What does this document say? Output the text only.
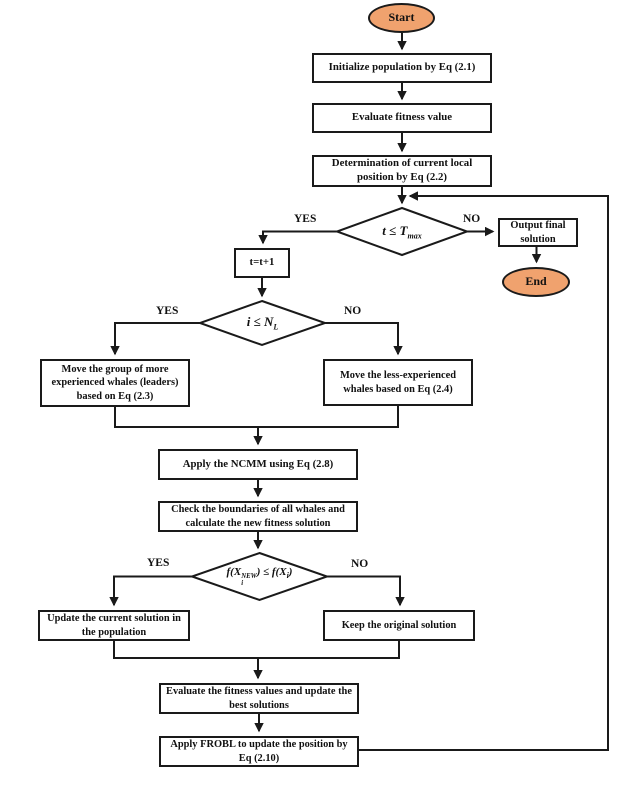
Start
End
Initialize population by Eq (2.1)
Evaluate fitness value
Determination of current local position by Eq (2.2)
Output final solution
t=t+1
Move the group of more experienced whales (leaders) based on Eq (2.3)
Move the less-experienced whales based on Eq (2.4)
Apply the NCMM using Eq (2.8)
Check the boundaries of all whales and calculate the new fitness solution
Update the current solution in the population
Keep the original solution
Evaluate the fitness values and update the best solutions
Apply FROBL to update the position by Eq (2.10)
$t \le T_{max}$
$i \le N_L$
f(X NEW
i
) ≤ $f(X_i)$
YES	NO
YES	NO
YES	NO
